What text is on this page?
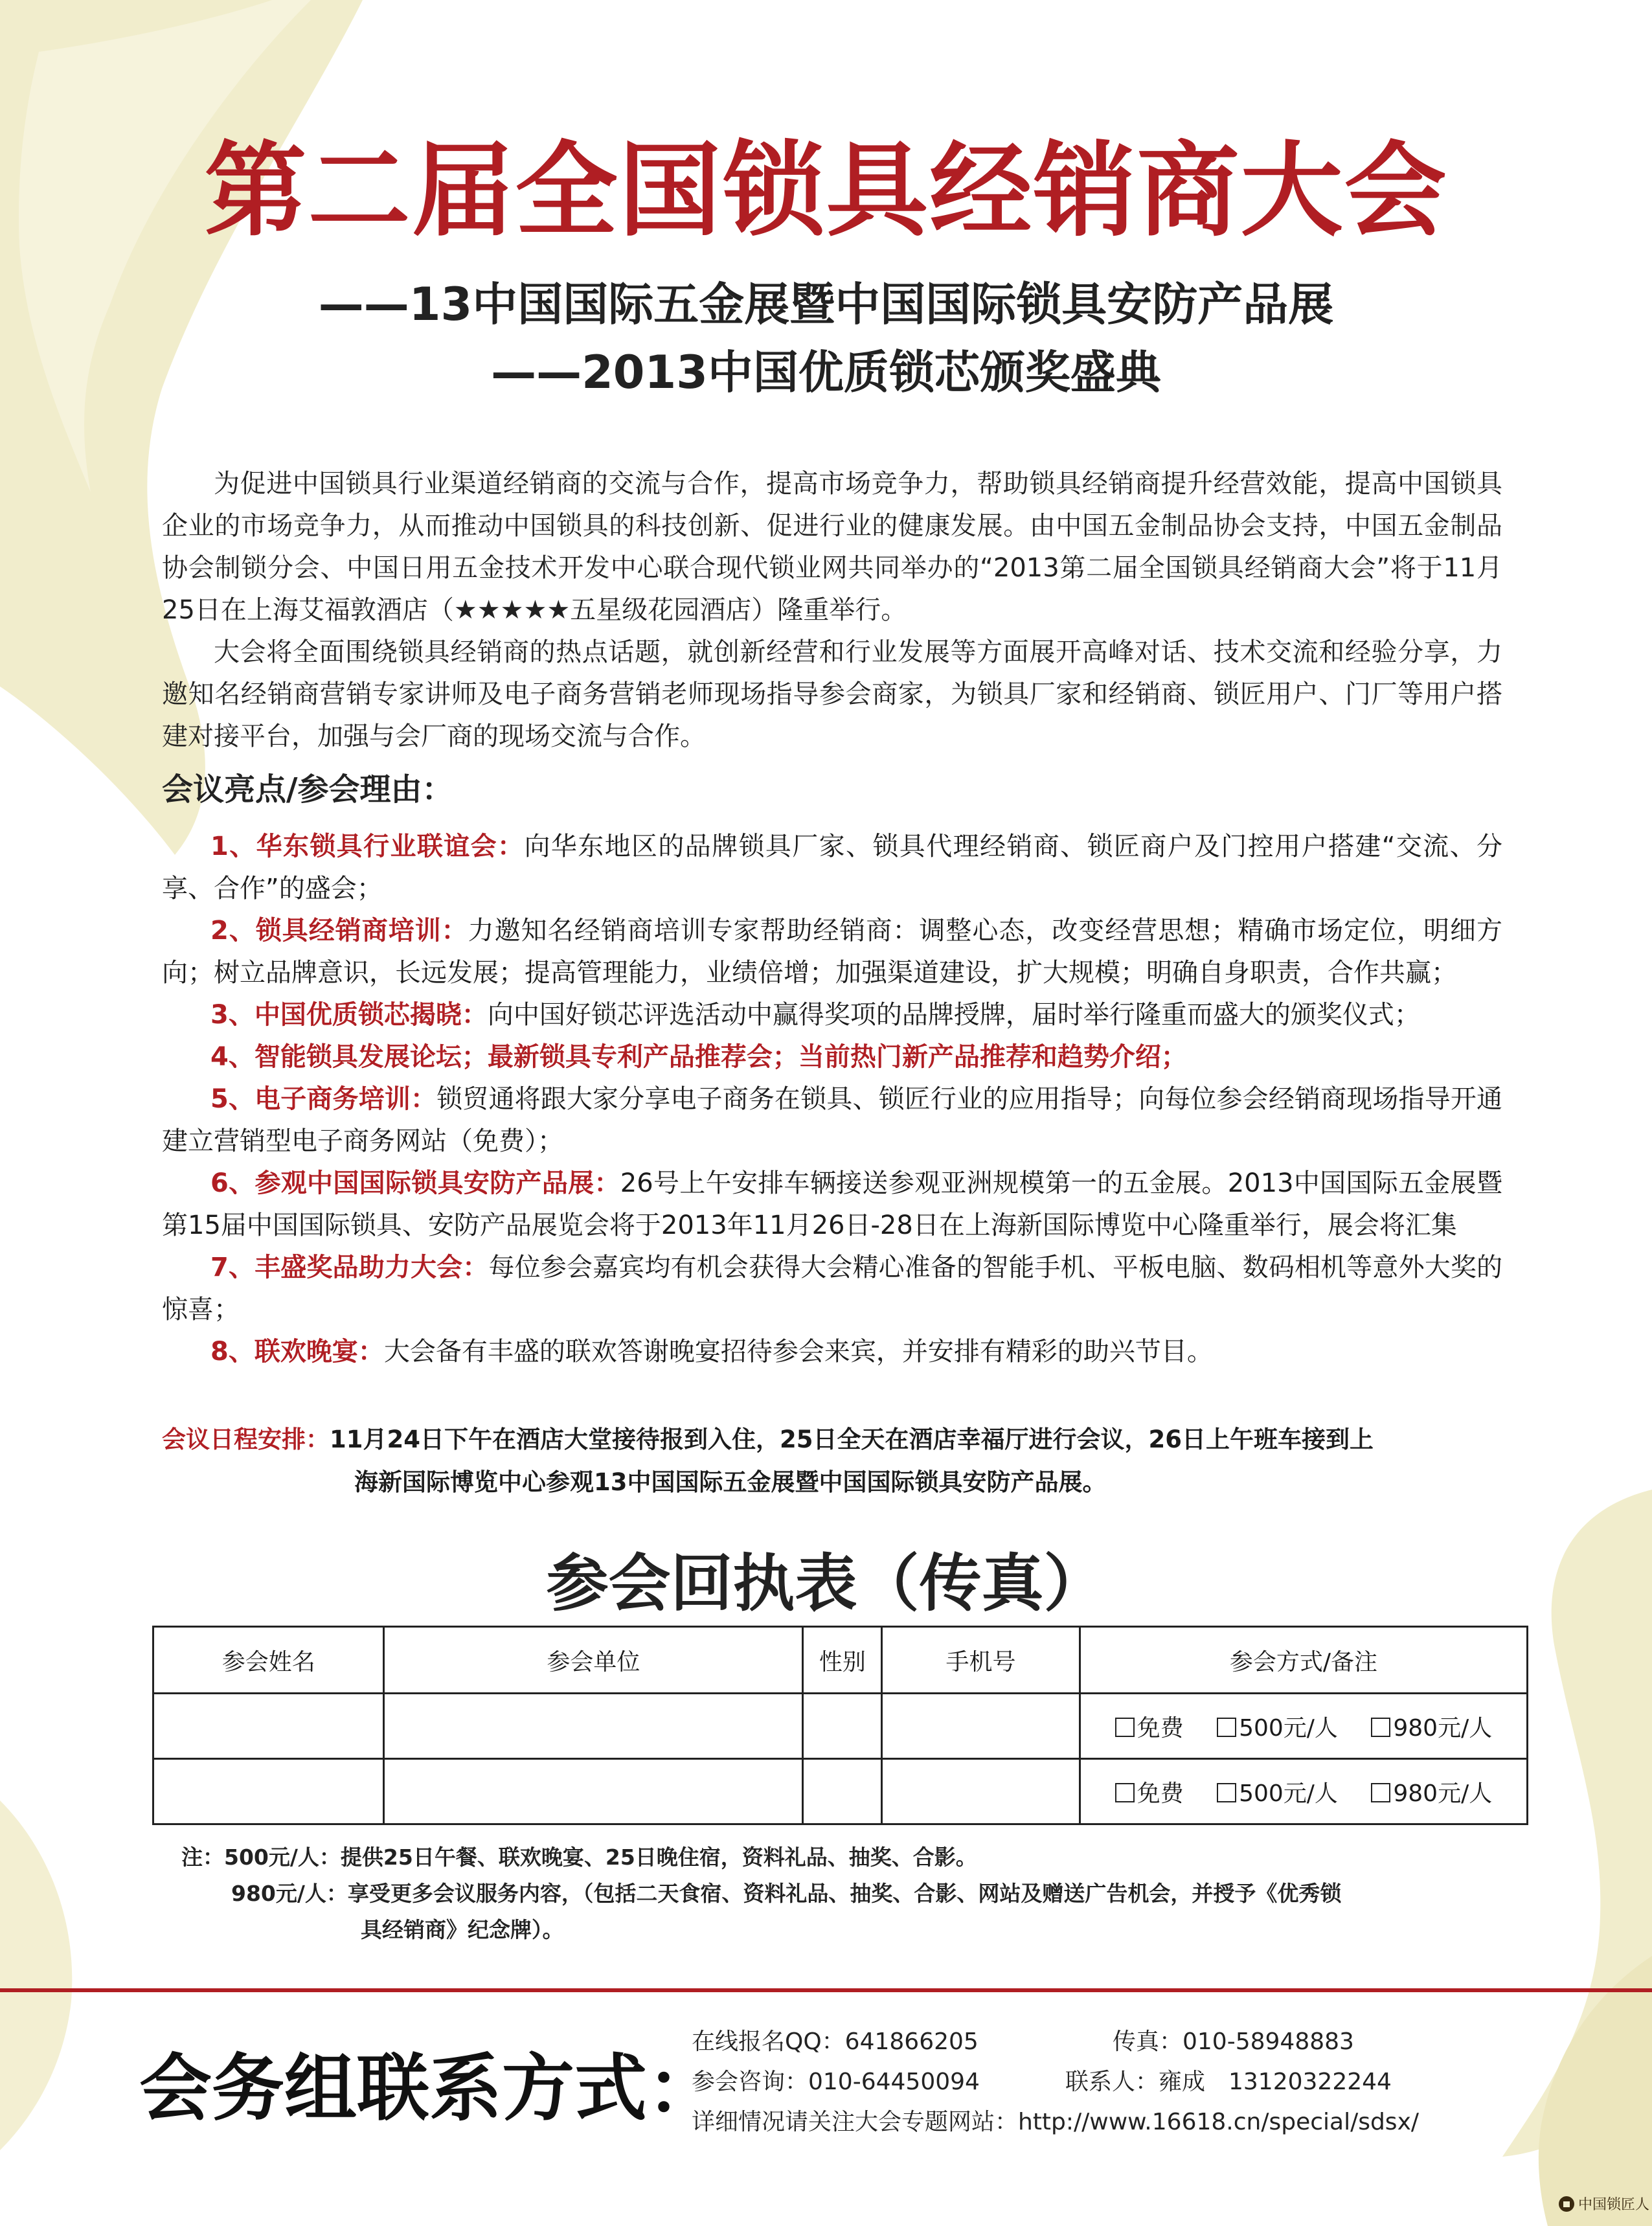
第二届全国锁具经销商大会
——13中国国际五金展暨中国国际锁具安防产品展
——2013中国优质锁芯颁奖盛典

为促进中国锁具行业渠道经销商的交流与合作，提高市场竞争力，帮助锁具经销商提升经营效能，提高中国锁具企业的市场竞争力，从而推动中国锁具的科技创新、促进行业的健康发展。由中国五金制品协会支持，中国五金制品协会制锁分会、中国日用五金技术开发中心联合现代锁业网共同举办的“2013第二届全国锁具经销商大会”将于11月25日在上海艾福敦酒店（★★★★★五星级花园酒店）隆重举行。

大会将全面围绕锁具经销商的热点话题，就创新经营和行业发展等方面展开高峰对话、技术交流和经验分享，力邀知名经销商营销专家讲师及电子商务营销老师现场指导参会商家，为锁具厂家和经销商、锁匠用户、门厂等用户搭建对接平台，加强与会厂商的现场交流与合作。

会议亮点/参会理由：

1、华东锁具行业联谊会：向华东地区的品牌锁具厂家、锁具代理经销商、锁匠商户及门控用户搭建“交流、分享、合作”的盛会；

2、锁具经销商培训：力邀知名经销商培训专家帮助经销商：调整心态，改变经营思想；精确市场定位，明细方向；树立品牌意识，长远发展；提高管理能力，业绩倍增；加强渠道建设，扩大规模；明确自身职责，合作共赢；

3、中国优质锁芯揭晓：向中国好锁芯评选活动中赢得奖项的品牌授牌，届时举行隆重而盛大的颁奖仪式；

4、智能锁具发展论坛；最新锁具专利产品推荐会；当前热门新产品推荐和趋势介绍；

5、电子商务培训：锁贸通将跟大家分享电子商务在锁具、锁匠行业的应用指导；向每位参会经销商现场指导开通建立营销型电子商务网站（免费）；

6、参观中国国际锁具安防产品展：26号上午安排车辆接送参观亚洲规模第一的五金展。2013中国国际五金展暨第15届中国国际锁具、安防产品展览会将于2013年11月26日-28日在上海新国际博览中心隆重举行，展会将汇集

7、丰盛奖品助力大会：每位参会嘉宾均有机会获得大会精心准备的智能手机、平板电脑、数码相机等意外大奖的惊喜；

8、联欢晚宴：大会备有丰盛的联欢答谢晚宴招待参会来宾，并安排有精彩的助兴节目。

会议日程安排：11月24日下午在酒店大堂接待报到入住，25日全天在酒店幸福厅进行会议，26日上午班车接到上
海新国际博览中心参观13中国国际五金展暨中国国际锁具安防产品展。
参会回执表（传真）
参会姓名	参会单位	性别	手机号	参会方式/备注
				免费 500元/人 980元/人
				免费 500元/人 980元/人
注：500元/人：提供25日午餐、联欢晚宴、25日晚住宿，资料礼品、抽奖、合影。
980元/人：享受更多会议服务内容，（包括二天食宿、资料礼品、抽奖、合影、网站及赠送广告机会，并授予《优秀锁
具经销商》纪念牌）。
会务组联系方式：
在线报名QQ：641866205	传真：010-58948883
参会咨询：010-64450094	联系人：雍成　13120322244
详细情况请关注大会专题网站：http://www.16618.cn/special/sdsx/
中国锁匠人
